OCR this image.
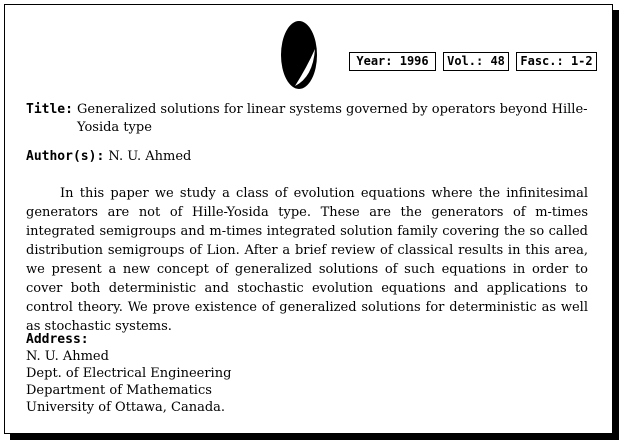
Year: 1996	Vol.: 48	Fasc.: 1-2
Title: Generalized solutions for linear systems governed by operators beyond Hille-Yosida type
Author(s): N. U. Ahmed

In this paper we study a class of evolution equations where the infinitesimal generators are not of Hille-Yosida type. These are the generators of m-times integrated semigroups and m-times integrated solution family covering the so called distribution semigroups of Lion. After a brief review of classical results in this area, we present a new concept of generalized solutions of such equations in order to cover both deterministic and stochastic evolution equations and applications to control theory. We prove existence of generalized solutions for deterministic as well as stochastic systems.

Address:
N. U. Ahmed
Dept. of Electrical Engineering
Department of Mathematics
University of Ottawa, Canada.
